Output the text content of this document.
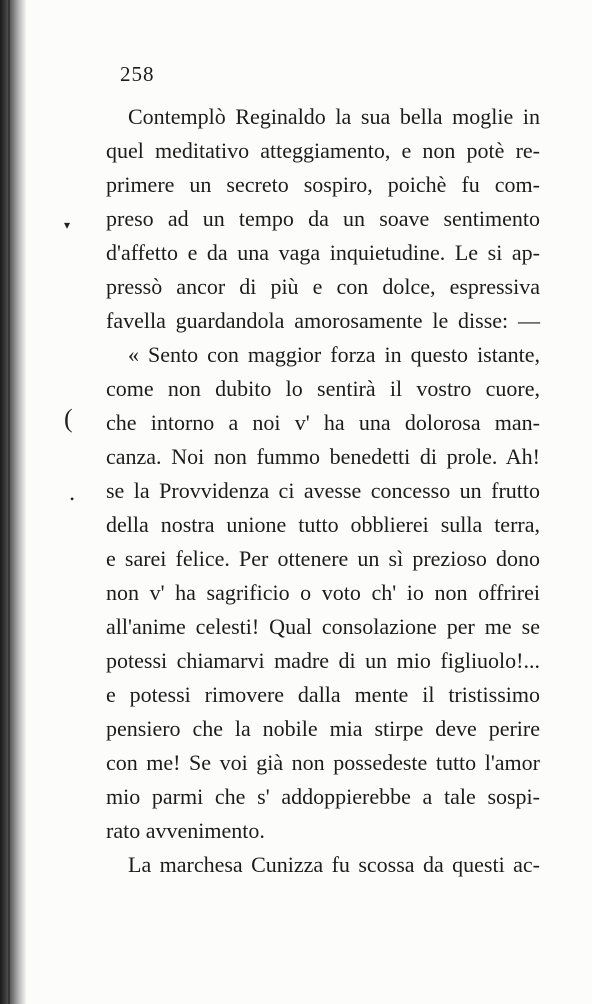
258
▾
(
•
Contemplò Reginaldo la sua bella moglie in
quel meditativo atteggiamento, e non potè re-
primere un secreto sospiro, poichè fu com-
preso ad un tempo da un soave sentimento
d'affetto e da una vaga inquietudine. Le si ap-
pressò ancor di più e con dolce, espressiva
favella guardandola amorosamente le disse: —
« Sento con maggior forza in questo istante,
come non dubito lo sentirà il vostro cuore,
che intorno a noi v' ha una dolorosa man-
canza. Noi non fummo benedetti di prole. Ah!
se la Provvidenza ci avesse concesso un frutto
della nostra unione tutto obblierei sulla terra,
e sarei felice. Per ottenere un sì prezioso dono
non v' ha sagrificio o voto ch' io non offrirei
all'anime celesti! Qual consolazione per me se
potessi chiamarvi madre di un mio figliuolo!...
e potessi rimovere dalla mente il tristissimo
pensiero che la nobile mia stirpe deve perire
con me! Se voi già non possedeste tutto l'amor
mio parmi che s' addoppierebbe a tale sospi-
rato avvenimento.
La marchesa Cunizza fu scossa da questi ac-
